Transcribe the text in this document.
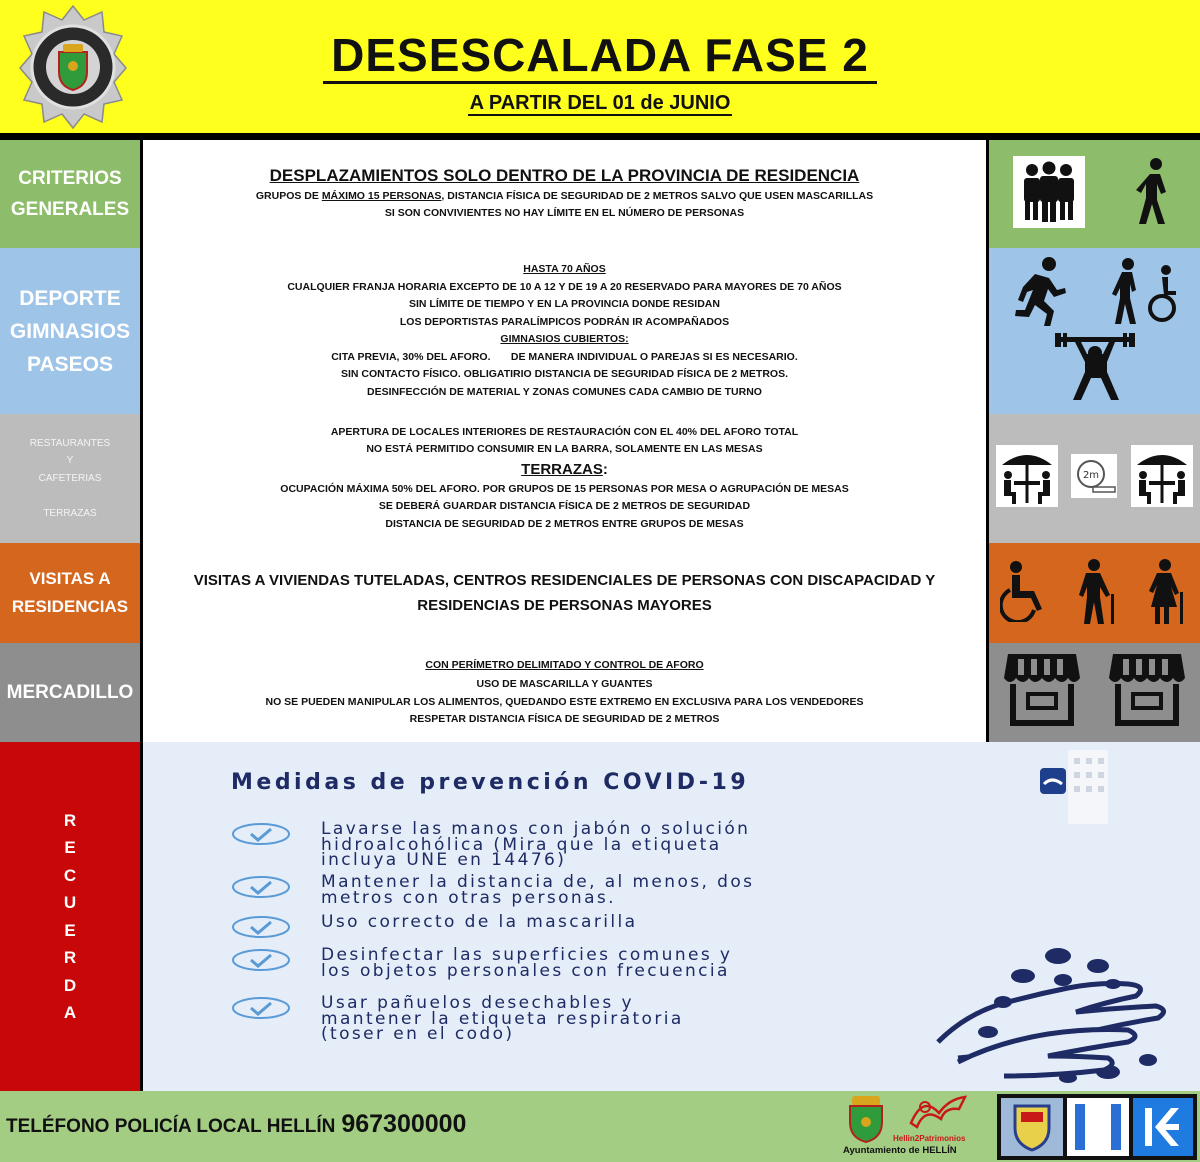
DESESCALADA FASE 2
A PARTIR DEL 01 de JUNIO
CRITERIOS
GENERALES
DESPLAZAMIENTOS SOLO DENTRO DE LA PROVINCIA DE RESIDENCIA
GRUPOS DE MÁXIMO 15 PERSONAS, DISTANCIA FÍSICA DE SEGURIDAD DE 2 METROS SALVO QUE USEN MASCARILLAS
SI SON CONVIVIENTES NO HAY LÍMITE EN EL NÚMERO DE PERSONAS
DEPORTE
GIMNASIOS
PASEOS
HASTA 70 AÑOS
CUALQUIER FRANJA HORARIA EXCEPTO DE 10 A 12 Y DE 19 A 20 RESERVADO PARA MAYORES DE 70 AÑOS
SIN LÍMITE DE TIEMPO Y EN LA PROVINCIA DONDE RESIDAN
LOS DEPORTISTAS PARALÍMPICOS PODRÁN IR ACOMPAÑADOS
GIMNASIOS CUBIERTOS:
CITA PREVIA, 30% DEL AFORO.       DE MANERA INDIVIDUAL O PAREJAS SI ES NECESARIO.
SIN CONTACTO FÍSICO. OBLIGATIRIO DISTANCIA DE SEGURIDAD FÍSICA DE 2 METROS.
DESINFECCIÓN DE MATERIAL Y ZONAS COMUNES CADA CAMBIO DE TURNO
RESTAURANTES
Y
CAFETERIAS

TERRAZAS
APERTURA DE LOCALES INTERIORES DE RESTAURACIÓN CON EL 40% DEL AFORO TOTAL
NO ESTÁ PERMITIDO CONSUMIR EN LA BARRA, SOLAMENTE EN LAS MESAS
TERRAZAS:
OCUPACIÓN MÁXIMA 50% DEL AFORO. POR GRUPOS DE 15 PERSONAS POR MESA O AGRUPACIÓN DE MESAS
SE DEBERÁ GUARDAR DISTANCIA FÍSICA DE 2 METROS DE SEGURIDAD
DISTANCIA DE SEGURIDAD DE 2 METROS ENTRE GRUPOS DE MESAS
2m
VISITAS A
RESIDENCIAS
VISITAS A VIVIENDAS TUTELADAS, CENTROS RESIDENCIALES DE PERSONAS CON DISCAPACIDAD Y
RESIDENCIAS DE PERSONAS MAYORES
MERCADILLO
CON PERÍMETRO DELIMITADO Y CONTROL DE AFORO
USO DE MASCARILLA Y GUANTES
NO SE PUEDEN MANIPULAR LOS ALIMENTOS, QUEDANDO ESTE EXTREMO EN EXCLUSIVA PARA LOS VENDEDORES
RESPETAR DISTANCIA FÍSICA DE SEGURIDAD DE 2 METROS
R
E
C
U
E
R
D
A
Medidas de prevención COVID-19
Lavarse las manos con jabón o solución
hidroalcohólica (Mira que la etiqueta
incluya UNE en 14476)
Mantener la distancia de, al menos, dos
metros con otras personas.
Uso correcto de la mascarilla
Desinfectar las superficies comunes y
los objetos personales con frecuencia
Usar pañuelos desechables y
mantener la etiqueta respiratoria
(toser en el codo)
TELÉFONO POLICÍA LOCAL HELLÍN 967300000
Hellin2Patrimonios
Ayuntamiento de HELLÍN
